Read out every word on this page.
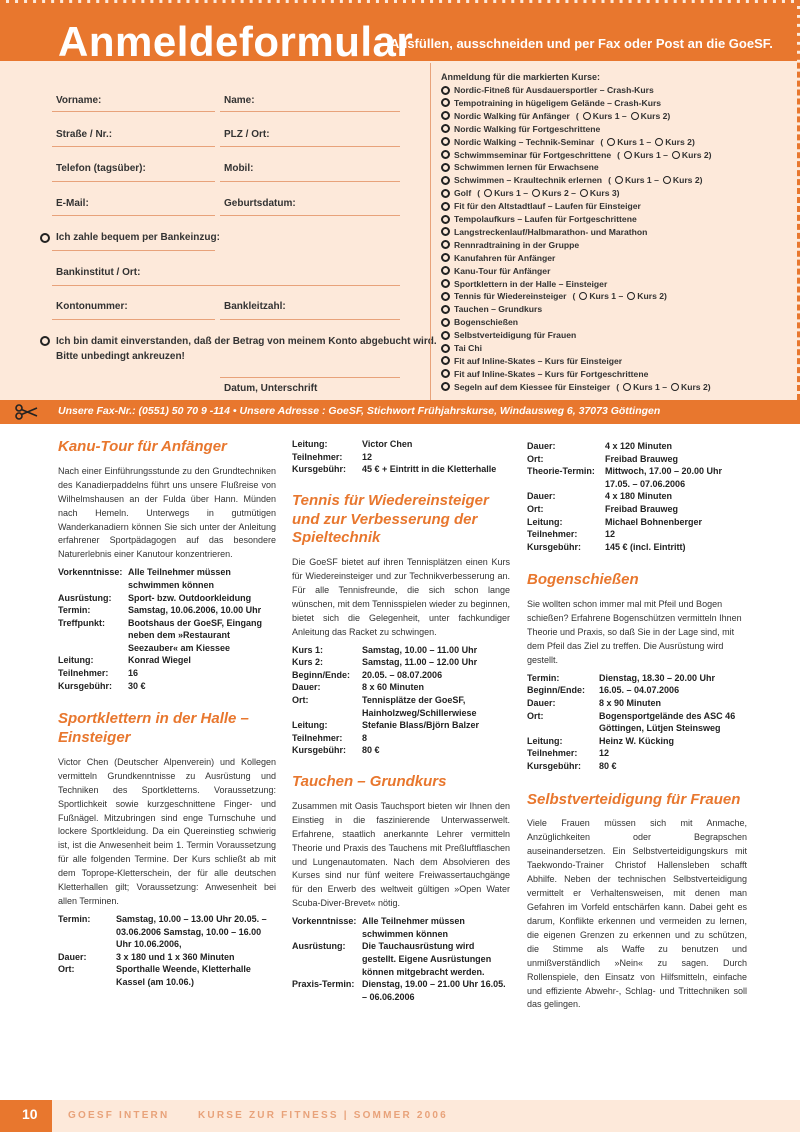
Anmeldeformular
Ausfüllen, ausschneiden und per Fax oder Post an die GoeSF.
Vorname:	Name:
Straße / Nr.:	PLZ / Ort:
Telefon (tagsüber):	Mobil:
E-Mail:	Geburtsdatum:
Ich zahle bequem per Bankeinzug:
Bankinstitut / Ort:
Kontonummer:	Bankleitzahl:
Ich bin damit einverstanden, daß der Betrag von meinem Konto abgebucht wird.
Bitte unbedingt ankreuzen!
Datum, Unterschrift
Anmeldung für die markierten Kurse:
Nordic-Fitneß für Ausdauersportler – Crash-Kurs
Tempotraining in hügeligem Gelände – Crash-Kurs
Nordic Walking für Anfänger ( Kurs 1 – Kurs 2)
Nordic Walking für Fortgeschrittene
Nordic Walking – Technik-Seminar ( Kurs 1 – Kurs 2)
Schwimmseminar für Fortgeschrittene ( Kurs 1 – Kurs 2)
Schwimmen lernen für Erwachsene
Schwimmen – Kraultechnik erlernen ( Kurs 1 – Kurs 2)
Golf ( Kurs 1 – Kurs 2 – Kurs 3)
Fit für den Altstadtlauf – Laufen für Einsteiger
Tempolaufkurs – Laufen für Fortgeschrittene
Langstreckenlauf/Halbmarathon- und Marathon
Rennradtraining in der Gruppe
Kanufahren für Anfänger
Kanu-Tour für Anfänger
Sportklettern in der Halle – Einsteiger
Tennis für Wiedereinsteiger ( Kurs 1 – Kurs 2)
Tauchen – Grundkurs
Bogenschießen
Selbstverteidigung für Frauen
Tai Chi
Fit auf Inline-Skates – Kurs für Einsteiger
Fit auf Inline-Skates – Kurs für Fortgeschrittene
Segeln auf dem Kiessee für Einsteiger ( Kurs 1 – Kurs 2)
Unsere Fax-Nr.: (0551) 50 70 9 -114 • Unsere Adresse : GoeSF, Stichwort Frühjahrskurse, Windausweg 6, 37073 Göttingen
Kanu-Tour für Anfänger
Nach einer Einführungsstunde zu den Grundtechniken des Kanadierpaddelns führt uns unsere Flußreise von Wilhelmshausen an der Fulda über Hann. Münden nach Hemeln. Unterwegs in gutmütigen Wanderkanadiern können Sie sich unter der Anleitung erfahrener Sportpädagogen auf das besondere Naturerlebnis einer Kanutour konzentrieren.
Vorkenntnisse: Alle Teilnehmer müssen schwimmen können
Ausrüstung:	Sport- bzw. Outdoorkleidung
Termin:	Samstag, 10.06.2006, 10.00 Uhr
Treffpunkt:	Bootshaus der GoeSF, Eingang neben dem »Restaurant Seezauber« am Kiessee
Leitung:	Konrad Wiegel
Teilnehmer:	16
Kursgebühr:	30 €
Sportklettern in der Halle – Einsteiger
Victor Chen (Deutscher Alpenverein) und Kollegen vermitteln Grundkenntnisse zu Ausrüstung und Techniken des Sportkletterns. Voraussetzung: Sportlichkeit sowie kurzgeschnittene Finger- und Fußnägel. Mitzubringen sind enge Turnschuhe und lockere Sportkleidung. Da ein Quereinstieg schwierig ist, ist die Anwesenheit beim 1. Termin Voraussetzung für alle folgenden Termine. Der Kurs schließt ab mit dem Toprope-Kletterschein, der für alle deutschen Kletterhallen gilt; Voraussetzung: Anwesenheit bei allen Terminen.
Termin:	Samstag, 10.00 – 13.00 Uhr 20.05. – 03.06.2006 Samstag, 10.00 – 16.00 Uhr 10.06.2006,
Dauer:	3 x 180 und 1 x 360 Minuten
Ort:	Sporthalle Weende, Kletterhalle Kassel (am 10.06.)
Leitung:	Victor Chen
Teilnehmer:	12
Kursgebühr:	45 € + Eintritt in die Kletterhalle
Tennis für Wiedereinsteiger und zur Verbesserung der Spieltechnik
Die GoeSF bietet auf ihren Tennisplätzen einen Kurs für Wiedereinsteiger und zur Technikverbesserung an. Für alle Tennisfreunde, die sich schon lange wünschen, mit dem Tennisspielen wieder zu beginnen, bietet sich die Gelegenheit, unter fachkundiger Anleitung das Racket zu schwingen.
Kurs 1:	Samstag, 10.00 – 11.00 Uhr
Kurs 2:	Samstag, 11.00 – 12.00 Uhr
Beginn/Ende:	20.05. – 08.07.2006
Dauer:	8 x 60 Minuten
Ort:	Tennisplätze der GoeSF, Hainholzweg/Schillerwiese
Leitung:	Stefanie Blass/Björn Balzer
Teilnehmer:	8
Kursgebühr:	80 €
Tauchen – Grundkurs
Zusammen mit Oasis Tauchsport bieten wir Ihnen den Einstieg in die faszinierende Unterwasserwelt. Erfahrene, staatlich anerkannte Lehrer vermitteln Theorie und Praxis des Tauchens mit Preßluftflaschen und Lungenautomaten. Nach dem Absolvieren des Kurses sind nur fünf weitere Freiwassertauchgänge für den Erwerb des weltweit gültigen »Open Water Scuba-Diver-Brevet« nötig.
Vorkenntnisse: Alle Teilnehmer müssen schwimmen können
Ausrüstung:	Die Tauchausrüstung wird gestellt. Eigene Ausrüstungen können mitgebracht werden.
Praxis-Termin: Dienstag, 19.00 – 21.00 Uhr 16.05. – 06.06.2006
Dauer:	4 x 120 Minuten
Ort:	Freibad Brauweg
Theorie-Termin:	Mittwoch, 17.00 – 20.00 Uhr 17.05. – 07.06.2006
Dauer:	4 x 180 Minuten
Ort:	Freibad Brauweg
Leitung:	Michael Bohnenberger
Teilnehmer:	12
Kursgebühr:	145 € (incl. Eintritt)
Bogenschießen
Sie wollten schon immer mal mit Pfeil und Bogen schießen? Erfahrene Bogenschützen vermitteln Ihnen Theorie und Praxis, so daß Sie in der Lage sind, mit dem Pfeil das Ziel zu treffen. Die Ausrüstung wird gestellt.
Termin:	Dienstag, 18.30 – 20.00 Uhr
Beginn/Ende:	16.05. – 04.07.2006
Dauer:	8 x 90 Minuten
Ort:	Bogensportgelände des ASC 46 Göttingen, Lütjen Steinsweg
Leitung:	Heinz W. Kücking
Teilnehmer:	12
Kursgebühr:	80 €
Selbstverteidigung für Frauen
Viele Frauen müssen sich mit Anmache, Anzüglichkeiten oder Begrapschen auseinandersetzen. Ein Selbstverteidigungskurs mit Taekwondo-Trainer Christof Hallensleben schafft Abhilfe. Neben der technischen Selbstverteidigung vermittelt er Verhaltensweisen, mit denen man Gefahren im Vorfeld entschärfen kann. Dabei geht es darum, Konflikte erkennen und vermeiden zu lernen, die eigenen Grenzen zu erkennen und zu schützen, die Stimme als Waffe zu benutzen und unmißverständlich »Nein« zu sagen. Durch Rollenspiele, den Einsatz von Hilfsmitteln, einfache und effiziente Abwehr-, Schlag- und Trittechniken soll das gelingen.
10	GOESF INTERN	KURSE ZUR FITNESS | SOMMER 2006
